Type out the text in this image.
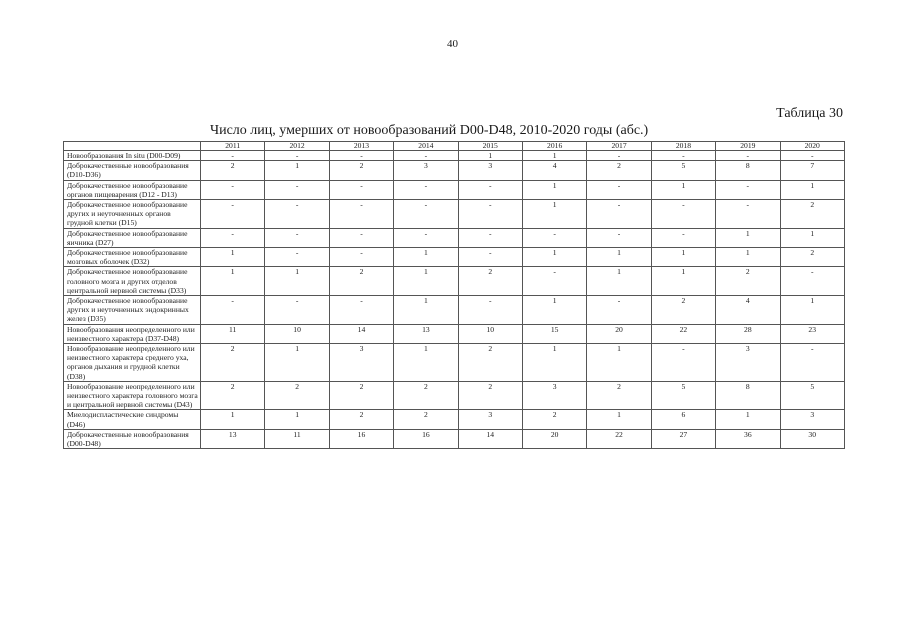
40
Таблица 30
Число лиц, умерших от новообразований D00-D48, 2010-2020 годы (абс.)
	2011	2012	2013	2014	2015	2016	2017	2018	2019	2020
Новообразования In situ (D00-D09)	-	-	-	-	1	1	-	-	-	-
Доброкачественные новообразования (D10-D36)	2	1	2	3	3	4	2	5	8	7
Доброкачественное новообразование органов пищеварения (D12 - D13)	-	-	-	-	-	1	-	1	-	1
Доброкачественное новообразование других и неуточненных органов грудной клетки (D15)	-	-	-	-	-	1	-	-	-	2
Доброкачественное новообразование яичника (D27)	-	-	-	-	-	-	-	-	1	1
Доброкачественное новообразование мозговых оболочек (D32)	1	-	-	1	-	1	1	1	1	2
Доброкачественное новообразование головного мозга и других отделов центральной нервной системы (D33)	1	1	2	1	2	-	1	1	2	-
Доброкачественное новообразование других и неуточненных эндокринных желез (D35)	-	-	-	1	-	1	-	2	4	1
Новообразования неопределенного или неизвестного характера (D37-D48)	11	10	14	13	10	15	20	22	28	23
Новообразование неопределенного или неизвестного характера среднего уха, органов дыхания и грудной клетки (D38)	2	1	3	1	2	1	1	-	3	-
Новообразование неопределенного или неизвестного характера головного мозга и центральной нервной системы (D43)	2	2	2	2	2	3	2	5	8	5
Миелодиспластические синдромы (D46)	1	1	2	2	3	2	1	6	1	3
Доброкачественные новообразования (D00-D48)	13	11	16	16	14	20	22	27	36	30
